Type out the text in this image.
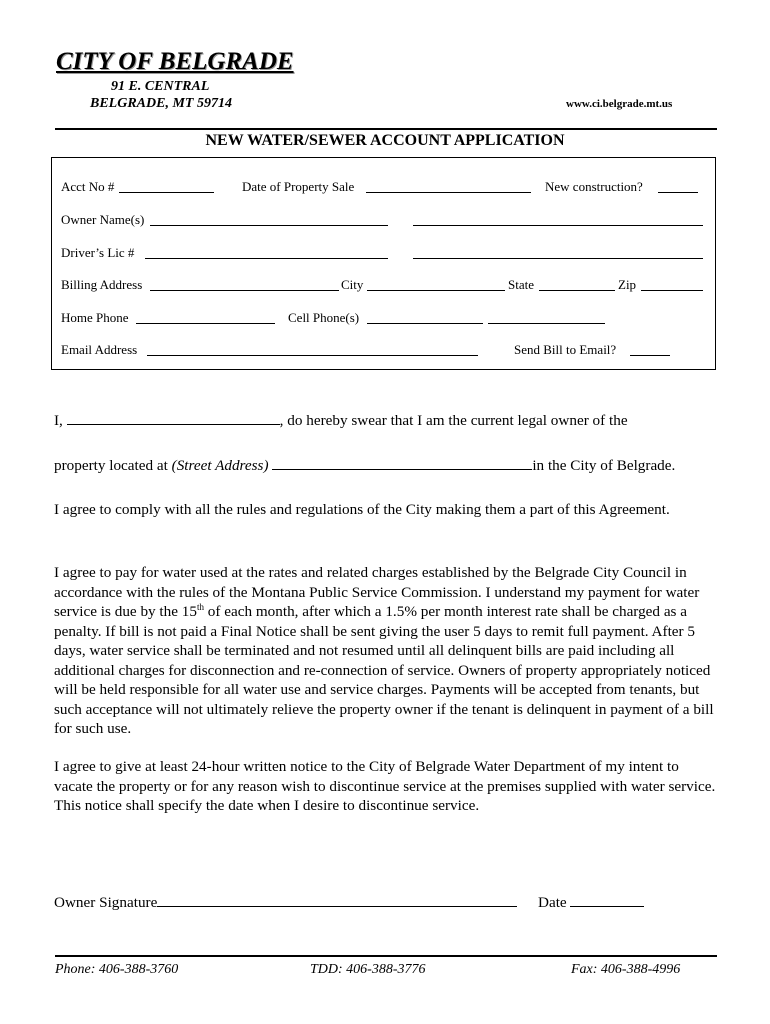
CITY OF BELGRADE
91 E. CENTRAL
BELGRADE, MT 59714	www.ci.belgrade.mt.us
NEW WATER/SEWER ACCOUNT APPLICATION
Acct No #	Date of Property Sale	New construction?
Owner Name(s)
Driver’s Lic #
Billing Address	City	State	Zip
Home Phone	Cell Phone(s)
Email Address	Send Bill to Email?
I,	, do hereby swear that I am the current legal owner of the
property located at (Street Address)	in the City of Belgrade.

I agree to comply with all the rules and regulations of the City making them a part of this Agreement.

I agree to pay for water used at the rates and related charges established by the Belgrade City Council in accordance with the rules of the Montana Public Service Commission. I understand my payment for water service is due by the 15th of each month, after which a 1.5% per month interest rate shall be charged as a penalty. If bill is not paid a Final Notice shall be sent giving the user 5 days to remit full payment. After 5 days, water service shall be terminated and not resumed until all delinquent bills are paid including all additional charges for disconnection and re-connection of service. Owners of property appropriately noticed will be held responsible for all water use and service charges. Payments will be accepted from tenants, but such acceptance will not ultimately relieve the property owner if the tenant is delinquent in payment of a bill for such use.

I agree to give at least 24-hour written notice to the City of Belgrade Water Department of my intent to vacate the property or for any reason wish to discontinue service at the premises supplied with water service. This notice shall specify the date when I desire to discontinue service.

Owner Signature	Date
Phone: 406-388-3760	TDD: 406-388-3776	Fax: 406-388-4996
